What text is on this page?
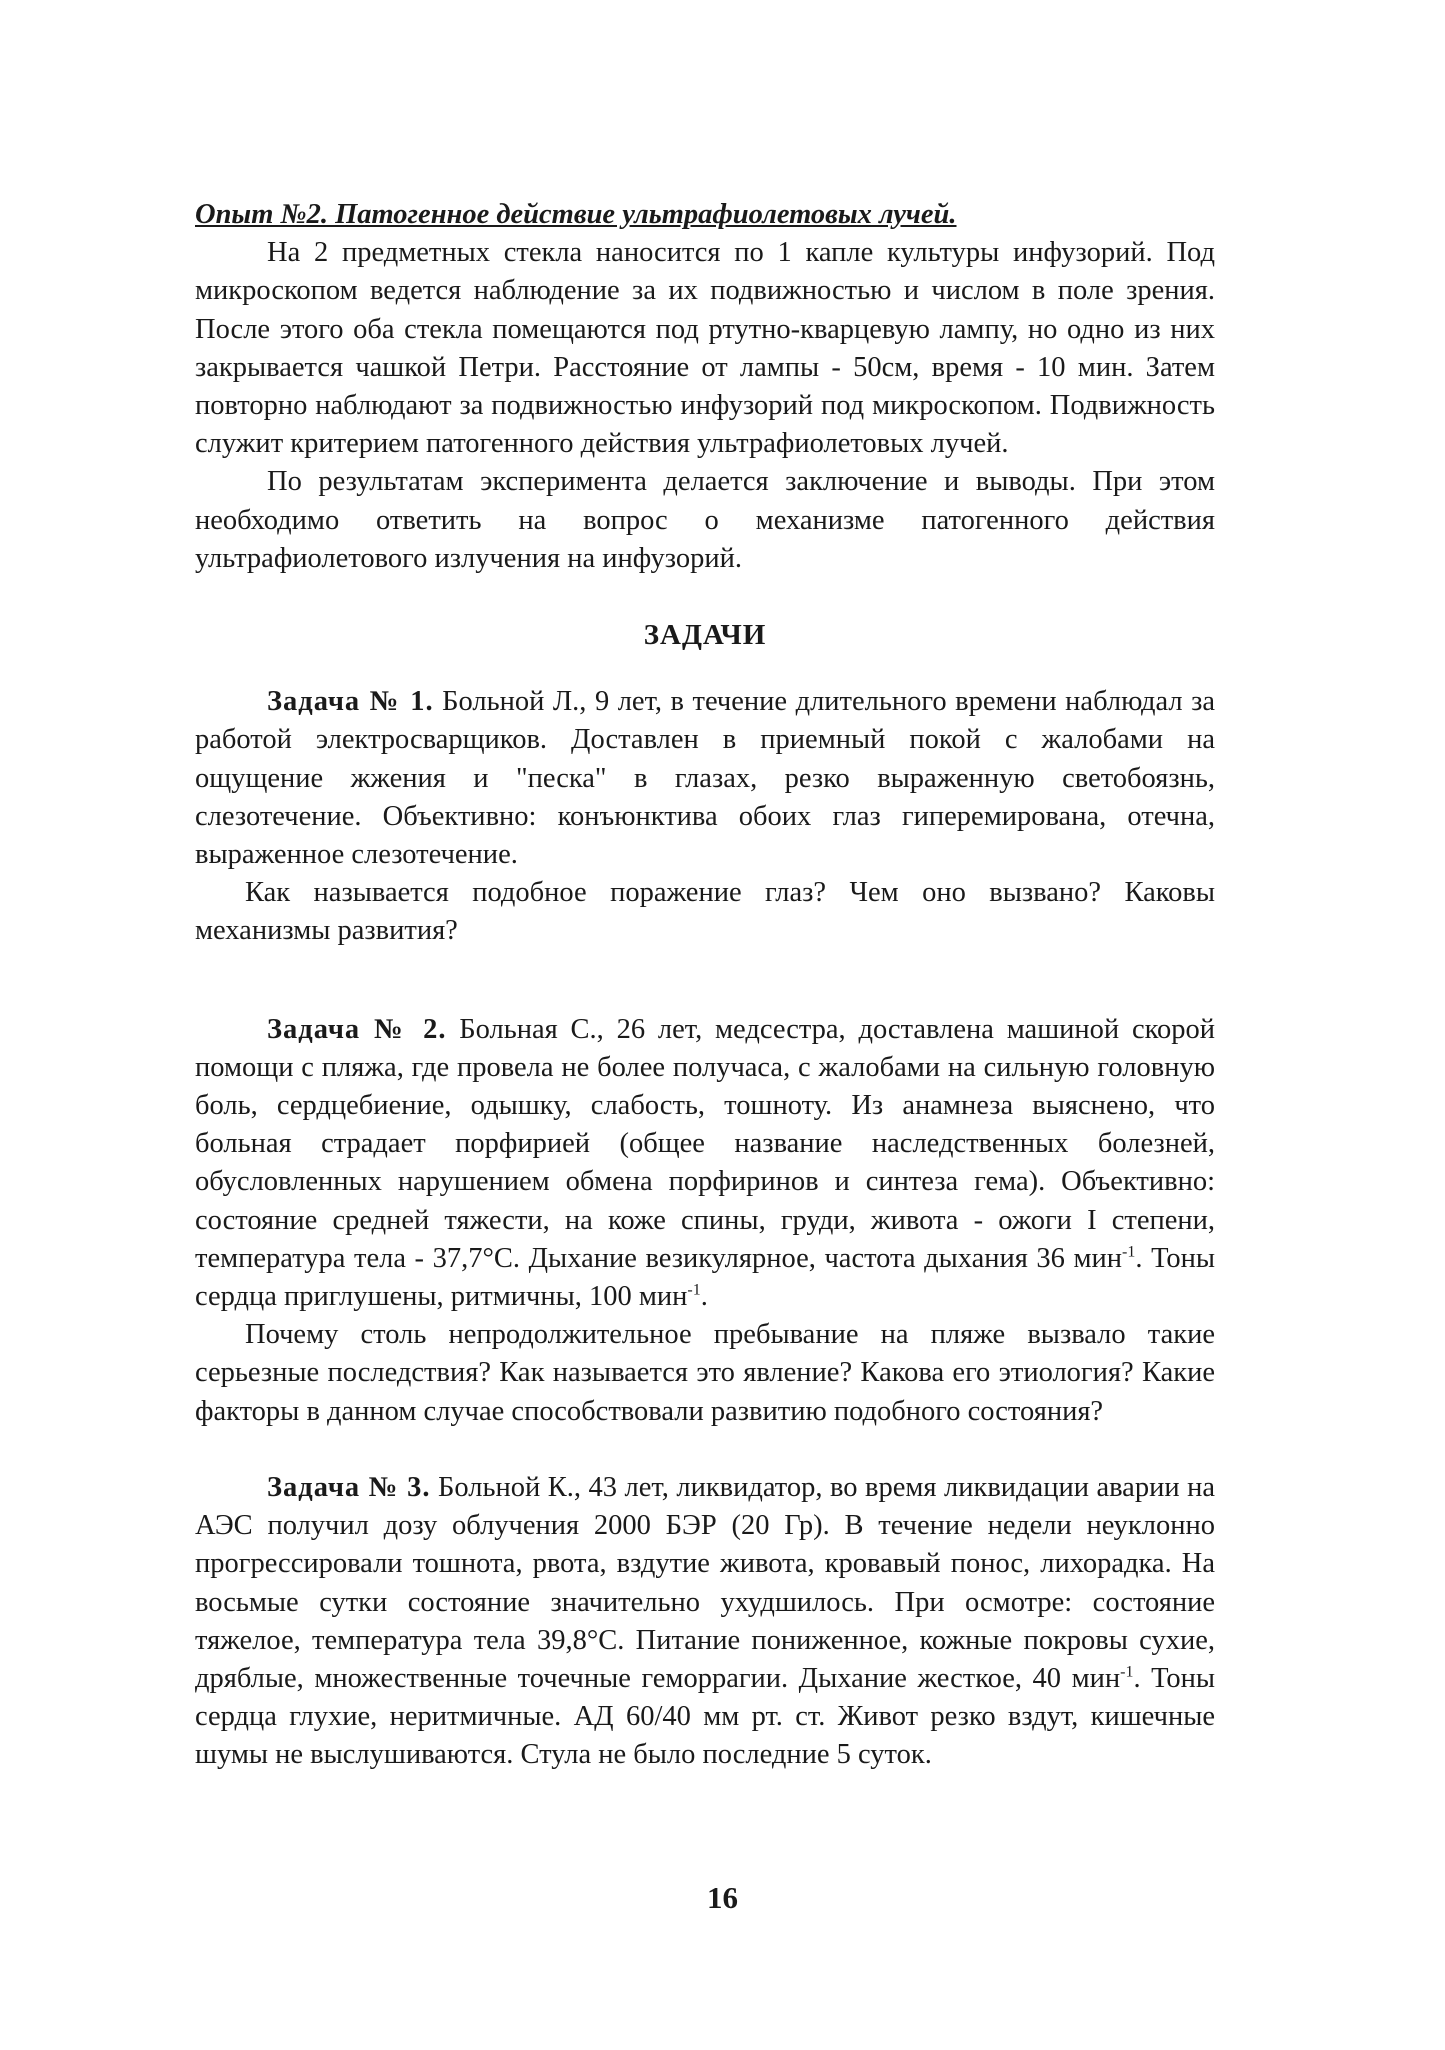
Опыт №2. Патогенное действие ультрафиолетовых лучей.

На 2 предметных стекла наносится по 1 капле культуры инфузорий. Под микроскопом ведется наблюдение за их подвижностью и числом в поле зрения. После этого оба стекла помещаются под ртутно-кварцевую лампу, но одно из них закрывается чашкой Петри. Расстояние от лампы - 50см, время - 10 мин. Затем повторно наблюдают за подвижностью инфузорий под микроскопом. Подвижность служит критерием патогенного действия ультрафиолетовых лучей.

По результатам эксперимента делается заключение и выводы. При этом необходимо ответить на вопрос о механизме патогенного действия ультрафиолетового излучения на инфузорий.

ЗАДАЧИ

Задача № 1. Больной Л., 9 лет, в течение длительного времени наблюдал за работой электросварщиков. Доставлен в приемный покой с жалобами на ощущение жжения и "песка" в глазах, резко выраженную светобоязнь, слезотечение. Объективно: конъюнктива обоих глаз гиперемирована, отечна, выраженное слезотечение.

Как называется подобное поражение глаз? Чем оно вызвано? Каковы механизмы развития?

Задача № 2. Больная С., 26 лет, медсестра, доставлена машиной скорой помощи с пляжа, где провела не более получаса, с жалобами на сильную головную боль, сердцебиение, одышку, слабость, тошноту. Из анамнеза выяснено, что больная страдает порфирией (общее название наследственных болезней, обусловленных нарушением обмена порфиринов и синтеза гема). Объективно: состояние средней тяжести, на коже спины, груди, живота - ожоги I степени, температура тела - 37,7°С. Дыхание везикулярное, частота дыхания 36 мин$^{-1}$. Тоны сердца приглушены, ритмичны, 100 мин$^{-1}$.

Почему столь непродолжительное пребывание на пляже вызвало такие серьезные последствия? Как называется это явление? Какова его этиология? Какие факторы в данном случае способствовали развитию подобного состояния?

Задача № 3. Больной К., 43 лет, ликвидатор, во время ликвидации аварии на АЭС получил дозу облучения 2000 БЭР (20 Гр). В течение недели неуклонно прогрессировали тошнота, рвота, вздутие живота, кровавый понос, лихорадка. На восьмые сутки состояние значительно ухудшилось. При осмотре: состояние тяжелое, температура тела 39,8°С. Питание пониженное, кожные покровы сухие, дряблые, множественные точечные геморрагии. Дыхание жесткое, 40 мин$^{-1}$. Тоны сердца глухие, неритмичные. АД 60/40 мм рт. ст. Живот резко вздут, кишечные шумы не выслушиваются. Стула не было последние 5 суток.

16
